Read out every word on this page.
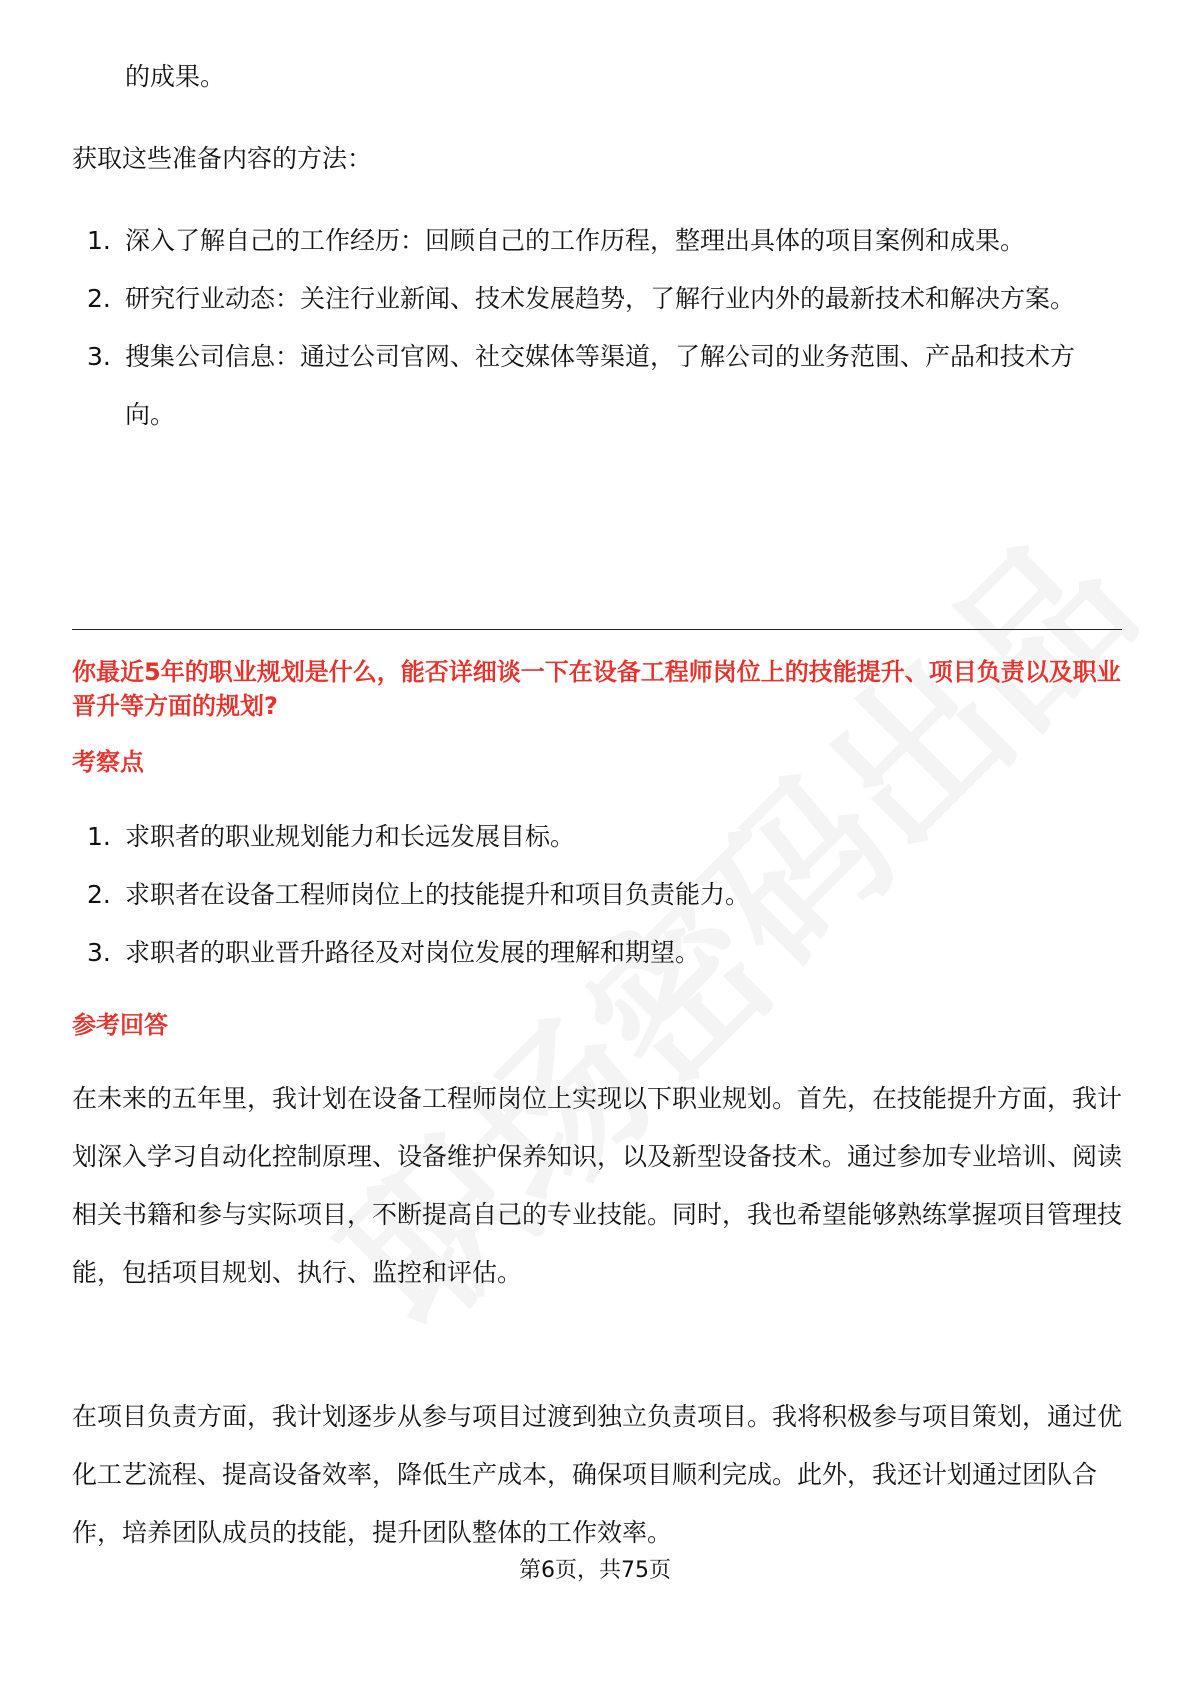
的成果。

获取这些准备内容的方法：

1. 深入了解自己的工作经历：回顾自己的工作历程，整理出具体的项目案例和成果。
2. 研究行业动态：关注行业新闻、技术发展趋势，了解行业内外的最新技术和解决方案。
3. 搜集公司信息：通过公司官网、社交媒体等渠道，了解公司的业务范围、产品和技术方向。

你最近5年的职业规划是什么，能否详细谈一下在设备工程师岗位上的技能提升、项目负责以及职业晋升等方面的规划?

考察点

1. 求职者的职业规划能力和长远发展目标。
2. 求职者在设备工程师岗位上的技能提升和项目负责能力。
3. 求职者的职业晋升路径及对岗位发展的理解和期望。

参考回答

在未来的五年里，我计划在设备工程师岗位上实现以下职业规划。首先，在技能提升方面，我计划深入学习自动化控制原理、设备维护保养知识，以及新型设备技术。通过参加专业培训、阅读相关书籍和参与实际项目，不断提高自己的专业技能。同时，我也希望能够熟练掌握项目管理技能，包括项目规划、执行、监控和评估。

在项目负责方面，我计划逐步从参与项目过渡到独立负责项目。我将积极参与项目策划，通过优化工艺流程、提高设备效率，降低生产成本，确保项目顺利完成。此外，我还计划通过团队合作，培养团队成员的技能，提升团队整体的工作效率。

第6页，共75页
